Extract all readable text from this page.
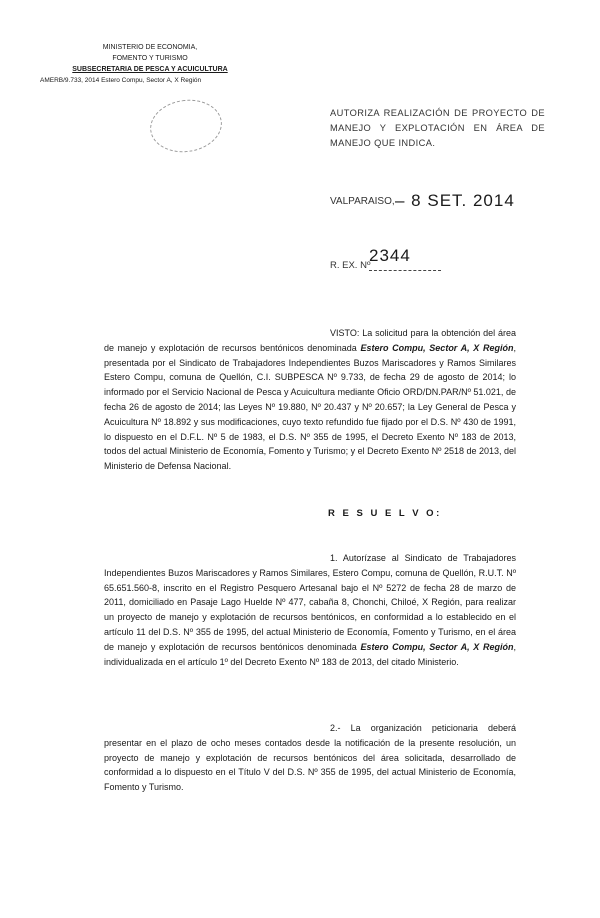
MINISTERIO DE ECONOMIA,
FOMENTO Y TURISMO
SUBSECRETARIA DE PESCA Y ACUICULTURA
AMERB/9.733, 2014 Estero Compu, Sector A, X Región
AUTORIZA REALIZACIÓN DE PROYECTO DE MANEJO Y EXPLOTACIÓN EN ÁREA DE MANEJO QUE INDICA.
VALPARAISO, – 8 SET. 2014
R. EX. Nº
2344
VISTO: La solicitud para la obtención del área de manejo y explotación de recursos bentónicos denominada Estero Compu, Sector A, X Región, presentada por el Sindicato de Trabajadores Independientes Buzos Mariscadores y Ramos Similares Estero Compu, comuna de Quellón, C.I. SUBPESCA Nº 9.733, de fecha 29 de agosto de 2014; lo informado por el Servicio Nacional de Pesca y Acuicultura mediante Oficio ORD/DN.PAR/Nº 51.021, de fecha 26 de agosto de 2014; las Leyes Nº 19.880, Nº 20.437 y Nº 20.657; la Ley General de Pesca y Acuicultura Nº 18.892 y sus modificaciones, cuyo texto refundido fue fijado por el D.S. Nº 430 de 1991, lo dispuesto en el D.F.L. Nº 5 de 1983, el D.S. Nº 355 de 1995, el Decreto Exento Nº 183 de 2013, todos del actual Ministerio de Economía, Fomento y Turismo; y el Decreto Exento Nº 2518 de 2013, del Ministerio de Defensa Nacional.
R E S U E L V O:
1. Autorízase al Sindicato de Trabajadores Independientes Buzos Mariscadores y Ramos Similares, Estero Compu, comuna de Quellón, R.U.T. Nº 65.651.560-8, inscrito en el Registro Pesquero Artesanal bajo el Nº 5272 de fecha 28 de marzo de 2011, domiciliado en Pasaje Lago Huelde Nº 477, cabaña 8, Chonchi, Chiloé, X Región, para realizar un proyecto de manejo y explotación de recursos bentónicos, en conformidad a lo establecido en el artículo 11 del D.S. Nº 355 de 1995, del actual Ministerio de Economía, Fomento y Turismo, en el área de manejo y explotación de recursos bentónicos denominada Estero Compu, Sector A, X Región, individualizada en el artículo 1º del Decreto Exento Nº 183 de 2013, del citado Ministerio.
2.- La organización peticionaria deberá presentar en el plazo de ocho meses contados desde la notificación de la presente resolución, un proyecto de manejo y explotación de recursos bentónicos del área solicitada, desarrollado de conformidad a lo dispuesto en el Título V del D.S. Nº 355 de 1995, del actual Ministerio de Economía, Fomento y Turismo.
